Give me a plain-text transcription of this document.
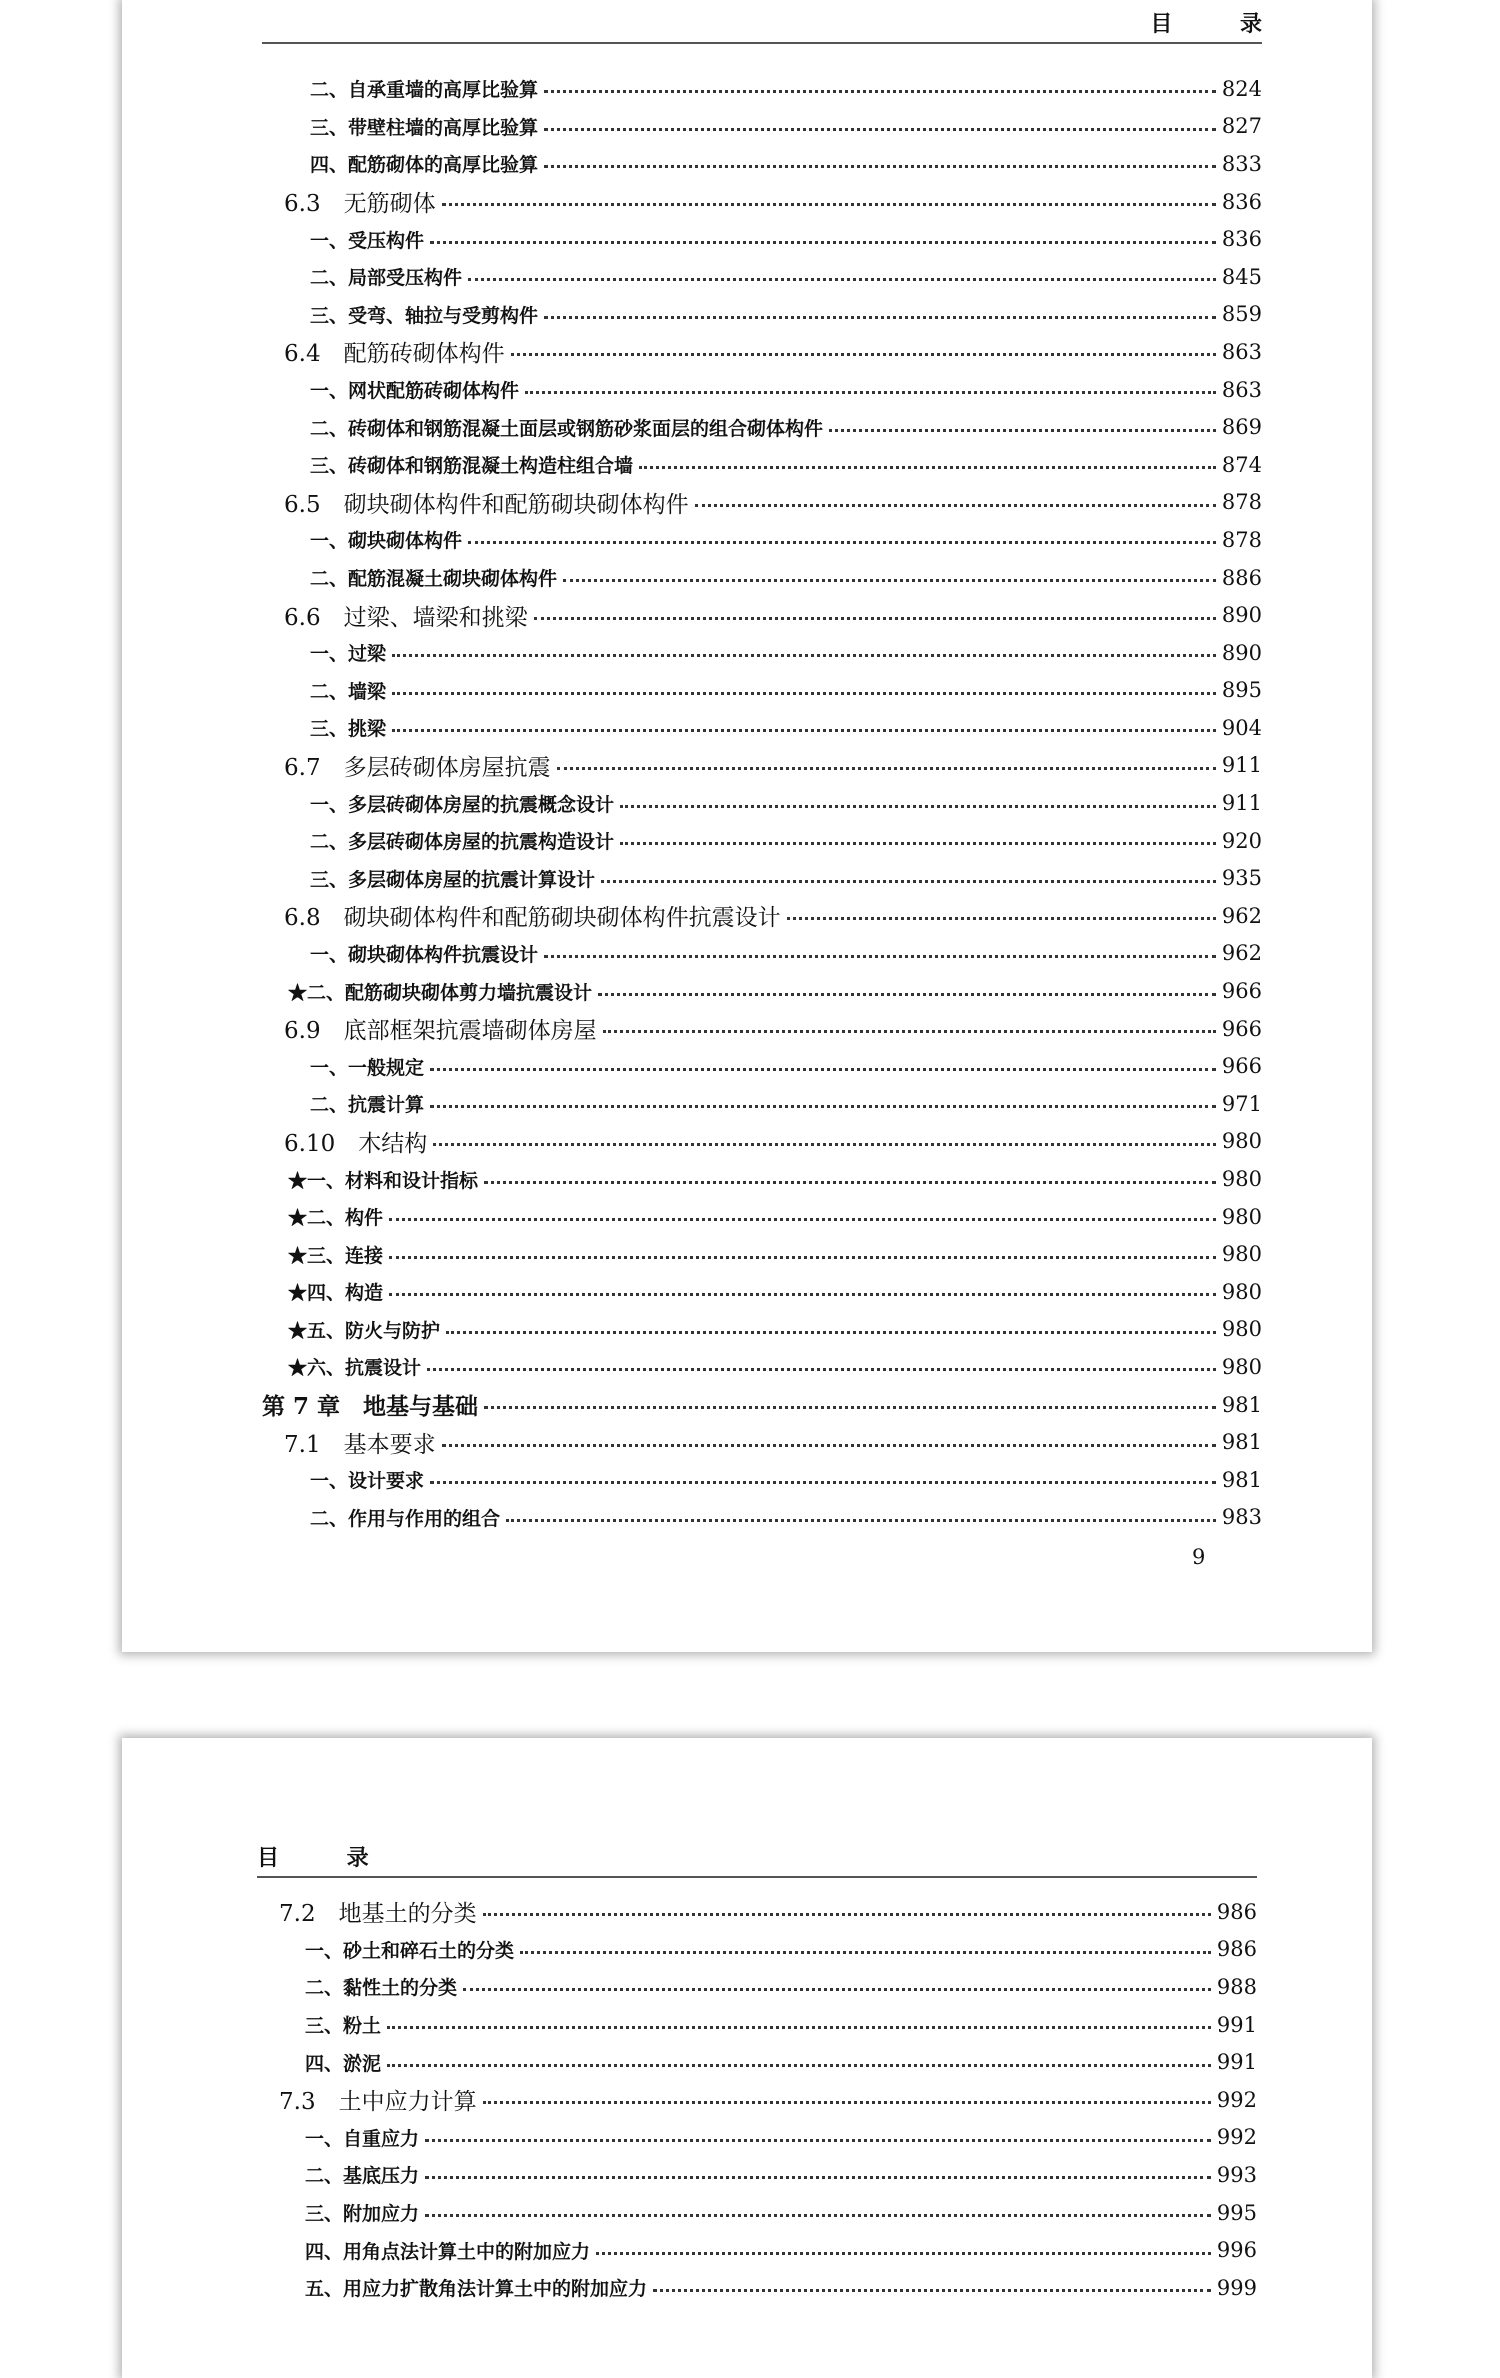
目 录
二、自承重墙的高厚比验算	824
三、带壁柱墙的高厚比验算	827
四、配筋砌体的高厚比验算	833
6.3　无筋砌体	836
一、受压构件	836
二、局部受压构件	845
三、受弯、轴拉与受剪构件	859
6.4　配筋砖砌体构件	863
一、网状配筋砖砌体构件	863
二、砖砌体和钢筋混凝土面层或钢筋砂浆面层的组合砌体构件	869
三、砖砌体和钢筋混凝土构造柱组合墙	874
6.5　砌块砌体构件和配筋砌块砌体构件	878
一、砌块砌体构件	878
二、配筋混凝土砌块砌体构件	886
6.6　过梁、墙梁和挑梁	890
一、过梁	890
二、墙梁	895
三、挑梁	904
6.7　多层砖砌体房屋抗震	911
一、多层砖砌体房屋的抗震概念设计	911
二、多层砖砌体房屋的抗震构造设计	920
三、多层砌体房屋的抗震计算设计	935
6.8　砌块砌体构件和配筋砌块砌体构件抗震设计	962
一、砌块砌体构件抗震设计	962
★二、配筋砌块砌体剪力墙抗震设计	966
6.9　底部框架抗震墙砌体房屋	966
一、一般规定	966
二、抗震计算	971
6.10　木结构	980
★一、材料和设计指标	980
★二、构件	980
★三、连接	980
★四、构造	980
★五、防火与防护	980
★六、抗震设计	980
第 7 章　地基与基础	981
7.1　基本要求	981
一、设计要求	981
二、作用与作用的组合	983
9
目 录
7.2　地基土的分类	986
一、砂土和碎石土的分类	986
二、黏性土的分类	988
三、粉土	991
四、淤泥	991
7.3　土中应力计算	992
一、自重应力	992
二、基底压力	993
三、附加应力	995
四、用角点法计算土中的附加应力	996
五、用应力扩散角法计算土中的附加应力	999
